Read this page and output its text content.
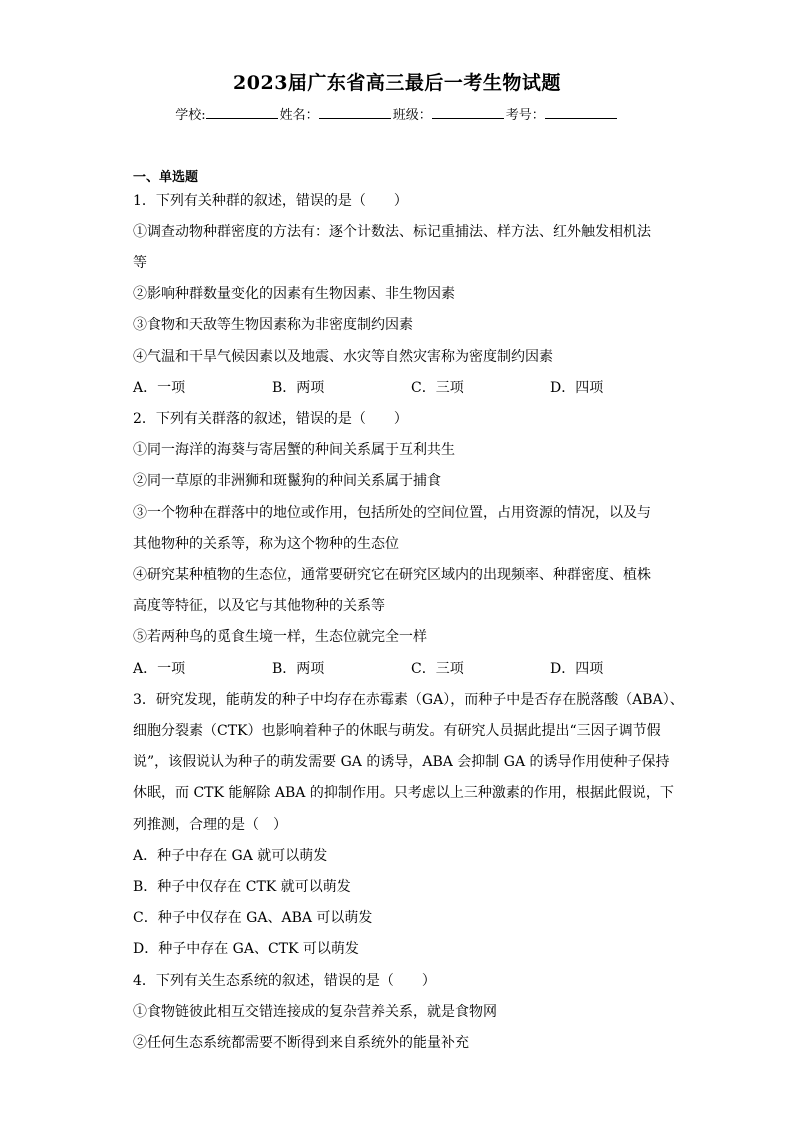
2023届广东省高三最后一考生物试题
学校:	姓名：	班级：	考号：
一、单选题
1．下列有关种群的叙述，错误的是（　　）
①调查动物种群密度的方法有：逐个计数法、标记重捕法、样方法、红外触发相机法
等
②影响种群数量变化的因素有生物因素、非生物因素
③食物和天敌等生物因素称为非密度制约因素
④气温和干旱气候因素以及地震、水灾等自然灾害称为密度制约因素
A．一项	B．两项	C．三项	D．四项
2．下列有关群落的叙述，错误的是（　　）
①同一海洋的海葵与寄居蟹的种间关系属于互利共生
②同一草原的非洲狮和斑鬣狗的种间关系属于捕食
③一个物种在群落中的地位或作用，包括所处的空间位置，占用资源的情况，以及与
其他物种的关系等，称为这个物种的生态位
④研究某种植物的生态位，通常要研究它在研究区域内的出现频率、种群密度、植株
高度等特征，以及它与其他物种的关系等
⑤若两种鸟的觅食生境一样，生态位就完全一样
A．一项	B．两项	C．三项	D．四项
3．研究发现，能萌发的种子中均存在赤霉素（GA），而种子中是否存在脱落酸（ABA）、
细胞分裂素（CTK）也影响着种子的休眠与萌发。有研究人员据此提出“三因子调节假
说”，该假说认为种子的萌发需要 GA 的诱导，ABA 会抑制 GA 的诱导作用使种子保持
休眠，而 CTK 能解除 ABA 的抑制作用。只考虑以上三种激素的作用，根据此假说，下
列推测，合理的是（　）
A．种子中存在 GA 就可以萌发
B．种子中仅存在 CTK 就可以萌发
C．种子中仅存在 GA、ABA 可以萌发
D．种子中存在 GA、CTK 可以萌发
4．下列有关生态系统的叙述，错误的是（　　）
①食物链彼此相互交错连接成的复杂营养关系，就是食物网
②任何生态系统都需要不断得到来自系统外的能量补充
